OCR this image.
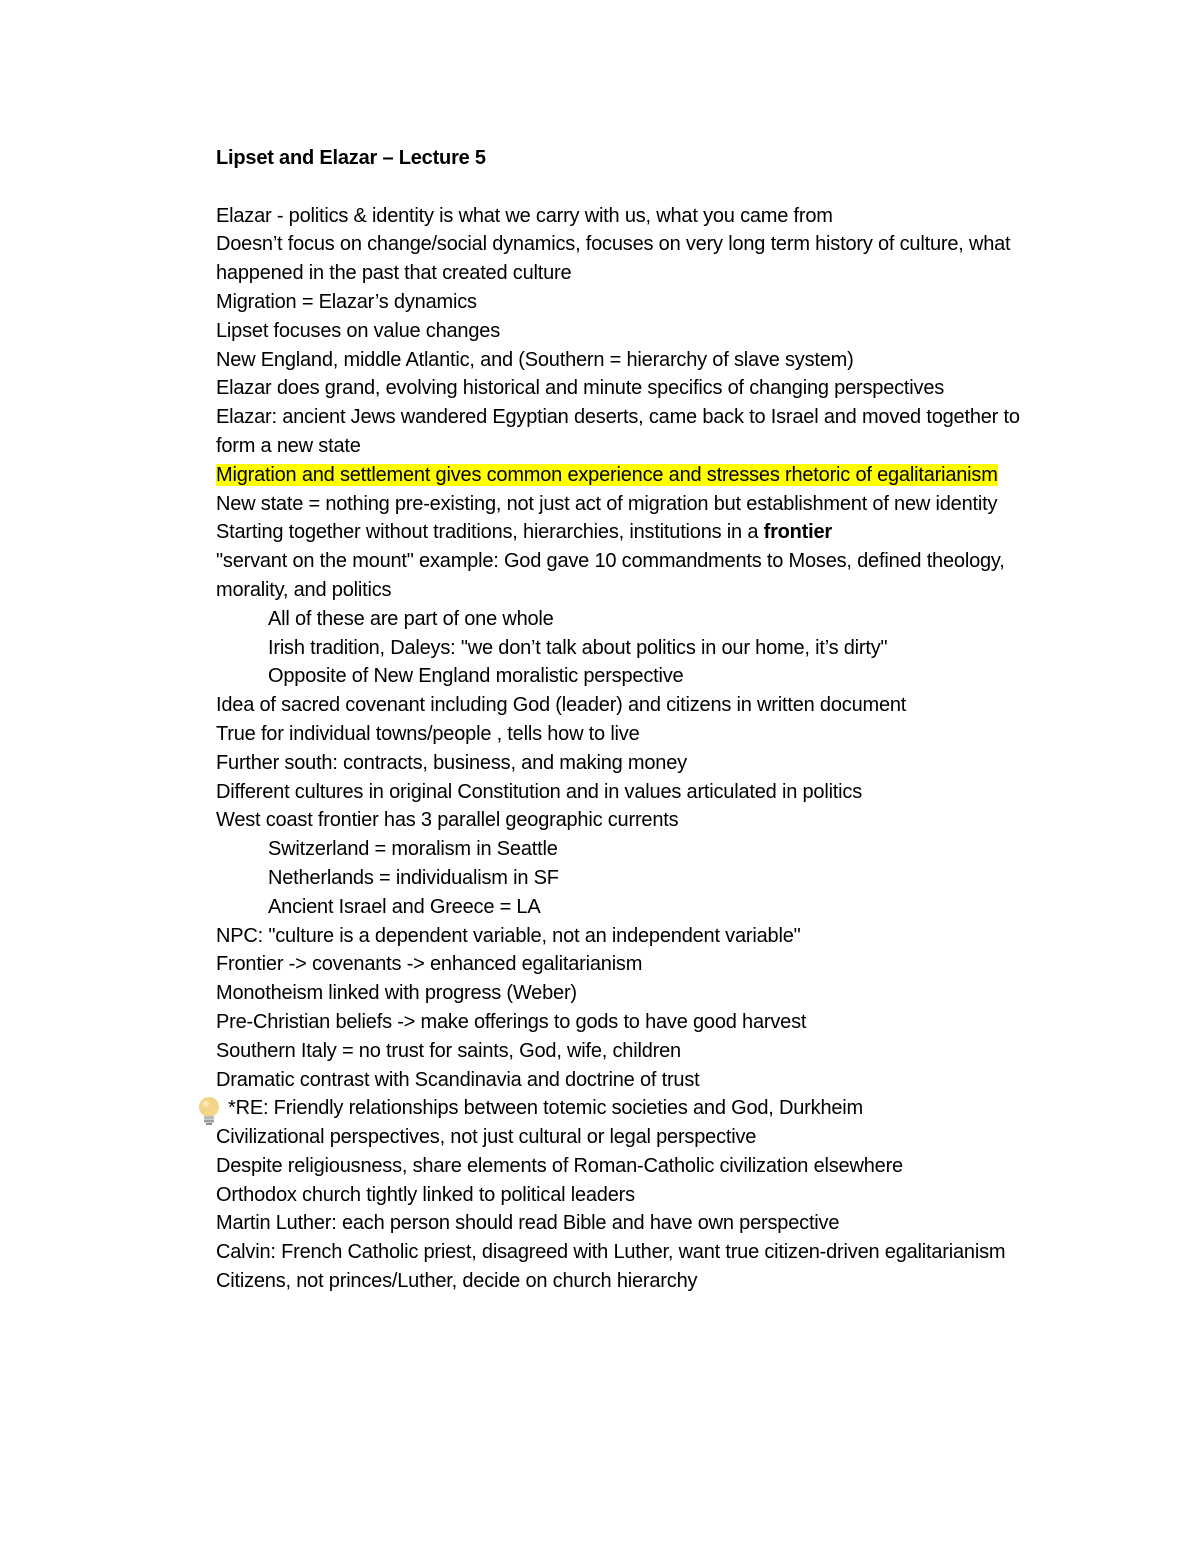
Lipset and Elazar – Lecture 5

Elazar - politics & identity is what we carry with us, what you came from

Doesn’t focus on change/social dynamics, focuses on very long term history of culture, what happened in the past that created culture

Migration = Elazar’s dynamics

Lipset focuses on value changes

New England, middle Atlantic, and (Southern = hierarchy of slave system)

Elazar does grand, evolving historical and minute specifics of changing perspectives

Elazar: ancient Jews wandered Egyptian deserts, came back to Israel and moved together to form a new state

Migration and settlement gives common experience and stresses rhetoric of egalitarianism

New state = nothing pre-existing, not just act of migration but establishment of new identity

Starting together without traditions, hierarchies, institutions in a frontier

"servant on the mount" example: God gave 10 commandments to Moses, defined theology, morality, and politics

All of these are part of one whole

Irish tradition, Daleys: "we don’t talk about politics in our home, it’s dirty"

Opposite of New England moralistic perspective

Idea of sacred covenant including God (leader) and citizens in written document

True for individual towns/people , tells how to live

Further south: contracts, business, and making money

Different cultures in original Constitution and in values articulated in politics

West coast frontier has 3 parallel geographic currents

Switzerland = moralism in Seattle

Netherlands = individualism in SF

Ancient Israel and Greece = LA

NPC: "culture is a dependent variable, not an independent variable"

Frontier -> covenants -> enhanced egalitarianism

Monotheism linked with progress (Weber)

Pre-Christian beliefs -> make offerings to gods to have good harvest

Southern Italy = no trust for saints, God, wife, children

Dramatic contrast with Scandinavia and doctrine of trust

*RE: Friendly relationships between totemic societies and God, Durkheim

Civilizational perspectives, not just cultural or legal perspective

Despite religiousness, share elements of Roman-Catholic civilization elsewhere

Orthodox church tightly linked to political leaders

Martin Luther: each person should read Bible and have own perspective

Calvin: French Catholic priest, disagreed with Luther, want true citizen-driven egalitarianism

Citizens, not princes/Luther, decide on church hierarchy
